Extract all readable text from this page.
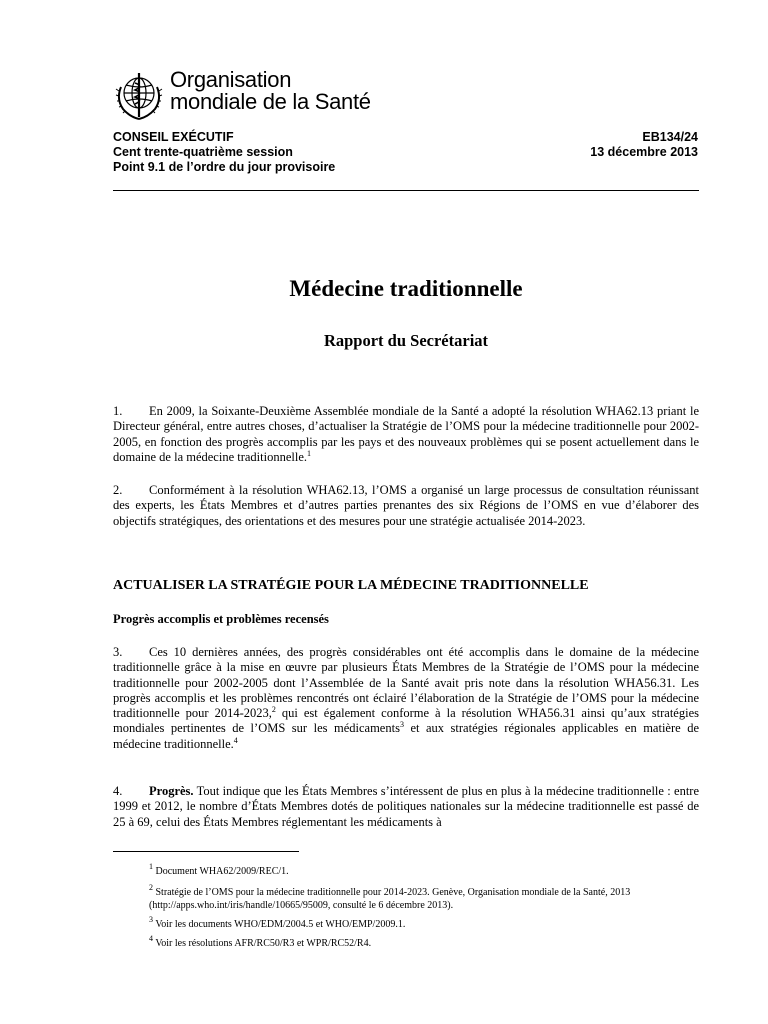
Organisation
mondiale de la Santé
CONSEIL EXÉCUTIF
Cent trente-quatrième session
Point 9.1 de l’ordre du jour provisoire
EB134/24
13 décembre 2013
Médecine traditionnelle
Rapport du Secrétariat
1. En 2009, la Soixante-Deuxième Assemblée mondiale de la Santé a adopté la résolution WHA62.13 priant le Directeur général, entre autres choses, d’actualiser la Stratégie de l’OMS pour la médecine traditionnelle pour 2002-2005, en fonction des progrès accomplis par les pays et des nouveaux problèmes qui se posent actuellement dans le domaine de la médecine traditionnelle.$^1$
2. Conformément à la résolution WHA62.13, l’OMS a organisé un large processus de consultation réunissant des experts, les États Membres et d’autres parties prenantes des six Régions de l’OMS en vue d’élaborer des objectifs stratégiques, des orientations et des mesures pour une stratégie actualisée 2014-2023.
ACTUALISER LA STRATÉGIE POUR LA MÉDECINE TRADITIONNELLE
Progrès accomplis et problèmes recensés
3. Ces 10 dernières années, des progrès considérables ont été accomplis dans le domaine de la médecine traditionnelle grâce à la mise en œuvre par plusieurs États Membres de la Stratégie de l’OMS pour la médecine traditionnelle pour 2002-2005 dont l’Assemblée de la Santé avait pris note dans la résolution WHA56.31. Les progrès accomplis et les problèmes rencontrés ont éclairé l’élaboration de la Stratégie de l’OMS pour la médecine traditionnelle pour 2014-2023,$^2$ qui est également conforme à la résolution WHA56.31 ainsi qu’aux stratégies mondiales pertinentes de l’OMS sur les médicaments$^3$ et aux stratégies régionales applicables en matière de médecine traditionnelle.$^4$
4. Progrès. Tout indique que les États Membres s’intéressent de plus en plus à la médecine traditionnelle : entre 1999 et 2012, le nombre d’États Membres dotés de politiques nationales sur la médecine traditionnelle est passé de 25 à 69, celui des États Membres réglementant les médicaments à
$^1$ Document WHA62/2009/REC/1.
$^2$ Stratégie de l’OMS pour la médecine traditionnelle pour 2014-2023. Genève, Organisation mondiale de la Santé, 2013 (http://apps.who.int/iris/handle/10665/95009, consulté le 6 décembre 2013).
$^3$ Voir les documents WHO/EDM/2004.5 et WHO/EMP/2009.1.
$^4$ Voir les résolutions AFR/RC50/R3 et WPR/RC52/R4.
